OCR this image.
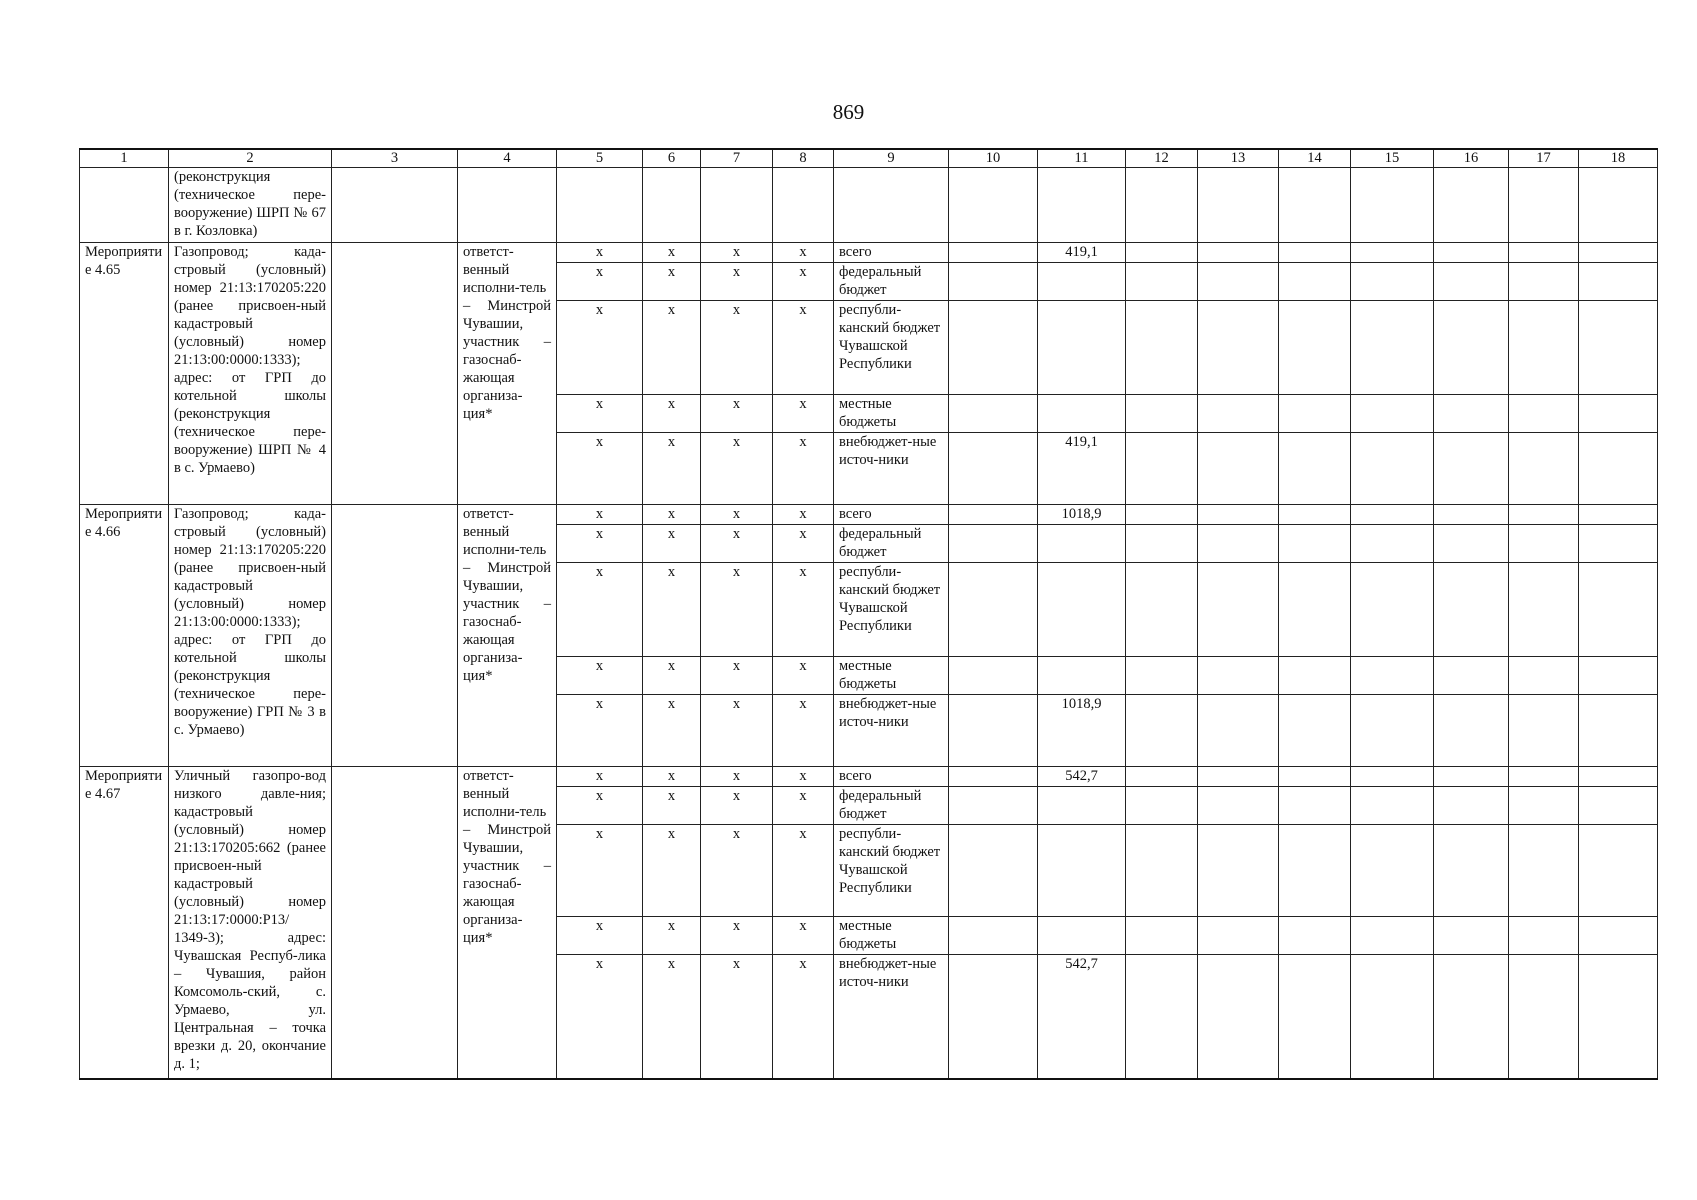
869
1	2	3	4	5	6	7	8	9	10	11	12	13	14	15	16	17	18
	(реконструкция (техническое пере-вооружение) ШРП № 67 в г. Козловка)																
Мероприятие 4.65	Газопровод; када-стровый (условный) номер 21:13:170205:220 (ранее присвоен-ный кадастровый (условный) номер 21:13:00:0000:1333); адрес: от ГРП до котельной школы (реконструкция (техническое пере-вооружение) ШРП № 4 в с. Урмаево)		ответст-венный исполни-тель – Минстрой Чувашии, участник – газоснаб-жающая организа-ция*	x	x	x	x	всего		419,1							
				x	x	x	x	федеральный бюджет									
				x	x	x	x	республи-канский бюджет Чувашской Республики									
				x	x	x	x	местные бюджеты									
				x	x	x	x	внебюджет-ные источ-ники		419,1							
Мероприятие 4.66	Газопровод; када-стровый (условный) номер 21:13:170205:220 (ранее присвоен-ный кадастровый (условный) номер 21:13:00:0000:1333); адрес: от ГРП до котельной школы (реконструкция (техническое пере-вооружение) ГРП № 3 в с. Урмаево)		ответст-венный исполни-тель – Минстрой Чувашии, участник – газоснаб-жающая организа-ция*	x	x	x	x	всего		1018,9							
				x	x	x	x	федеральный бюджет									
				x	x	x	x	республи-канский бюджет Чувашской Республики									
				x	x	x	x	местные бюджеты									
				x	x	x	x	внебюджет-ные источ-ники		1018,9							
Мероприятие 4.67	Уличный газопро-вод низкого давле-ния; кадастровый (условный) номер 21:13:170205:662 (ранее присвоен-ный кадастровый (условный) номер 21:13:17:0000:Р13/ 1349-3); адрес: Чувашская Респуб-лика – Чувашия, район Комсомоль-ский, с. Урмаево, ул. Центральная – точка врезки д. 20, окончание д. 1;		ответст-венный исполни-тель – Минстрой Чувашии, участник – газоснаб-жающая организа-ция*	x	x	x	x	всего		542,7							
				x	x	x	x	федеральный бюджет									
				x	x	x	x	республи-канский бюджет Чувашской Республики									
				x	x	x	x	местные бюджеты									
				x	x	x	x	внебюджет-ные источ-ники		542,7							
